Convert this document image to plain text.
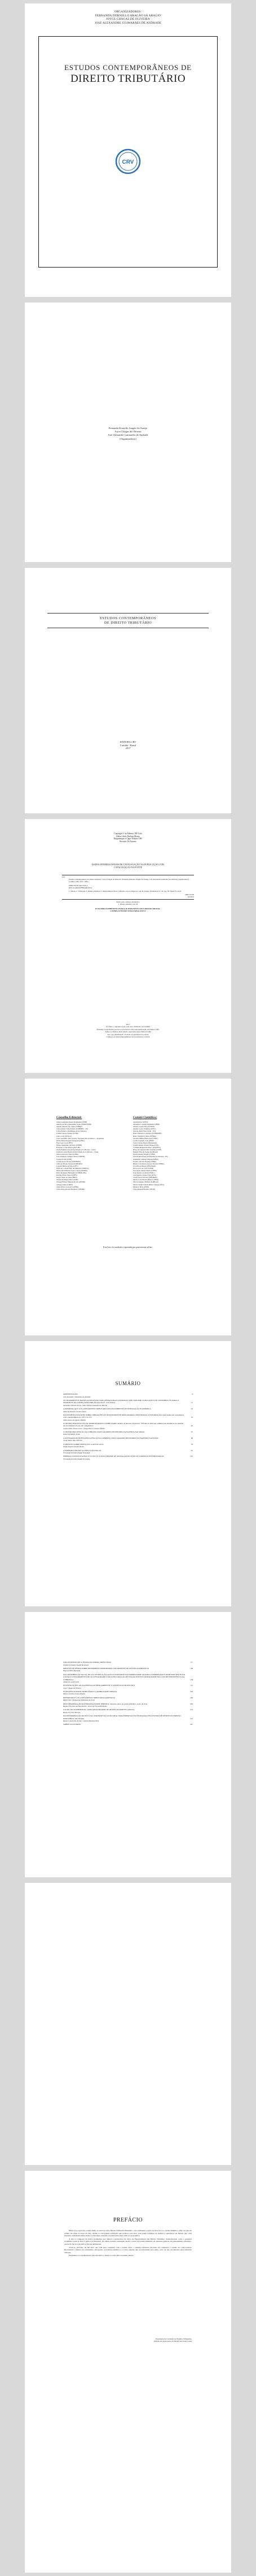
ORGANIZADORES:
FERNANDA DORNELLO ARAGÃO SÁ ARAÚJO
JOYCE CHAGAS DE OLIVEIRA
JOSÉ ALEXANDRE GUIMARÃES DE ANDRADE
ESTUDOS CONTEMPORÂNEOS DE
DIREITO TRIBUTÁRIO
CRV
Fernanda Dornello Aragão Sá Araújo
Joyce Chagas de Oliveira
José Alexandre Guimarães de Andrade
(Organizadores)
ESTUDOS CONTEMPORÂNEOS
DE DIREITO TRIBUTÁRIO
EDITORA CRV
Curitiba - Brasil
2017
Copyright © da Editora CRV Ltda
Editor-chefe: Railson Moura
Diagramação e Capa: Editora CRV
Revisão: Os Autores
DADOS INTERNACIONAIS DE CATALOGAÇÃO NA PUBLICAÇÃO (CIP)
CATALOGAÇÃO NA FONTE
E79
Estudos contemporâneos de direito tributário / Joyce Chagas de Oliveira, Fernanda Dornello Aragão Sá Araújo, José Alexandre Guimarães de Andrade (organizadores) – Curitiba: CRV, 2017. 188 p.
ISBN 978-85-444-1926-4
DOI 10.24824/978854441926.4
1. Direito 2. Tributação 3. Direito tributário 4. Jurisprudência fiscal I. Oliveira, Joyce Chagas de. org. II. Araújo, Fernanda D. A. Sá. org. III. Título IV. Série
CDD 341.39
34:336.2
Índice para catálogo sistemático
1. Direito tributário 341.39
ESTA OBRA TAMBÉM ENCONTRA-SE DISPONÍVEL EM FORMATO DIGITAL.
CONHEÇA E BAIXE NOSSO APLICATIVO!
2017
Foi feito o depósito legal conf. Lei 10.994 de 14/12/2004
Proibida a reprodução parcial ou total desta obra sem autorização da Editora CRV
Todos os direitos desta edição reservados pela: Editora CRV
Tel.: (41) 3039-6418 - E-mail: sac@editoracrv.com.br
Conheça os nossos lançamentos: www.editoracrv.com.br
Conselho Editorial:
Aldira Guimarães Duarte Domínguez (UNB)
Andréia da Silva Quintanilha Sousa (UNIR/UFRN)
Antônio Pereira Gaio Júnior (UFRRJ)
Carlos Alberto Vilar Estêvão (UMINHO – PT)
Carlos Federico Dominguez Avila (Unieuro)
Carmen Tereza Velanga (UNIR)
Celso Conti (UFSCar)
Cesar Gerônimo Tello (Univer. Nacional Três de Febrero – Argentina)
Elione Maria Nogueira Diogenes (UFAL)
Élsio José Corá (UFFS)
Elizeu Clementino de Souza (UNEB)
Francisco Carlos Duarte (PUC-PR)
Gloria Fariñas León (Universidade de La Havana – Cuba)
Guillermo Arias Beatón (Universidade de La Havana – Cuba)
Jailson Alves dos Santos (UFRJ)
João Adalberto Campato Junior (UNESP)
Josania Portela (UFPI)
Leonel Severo Rocha (UNISINOS)
Lídia de Oliveira Xavier (UNIEURO)
Lourdes Helena da Silva (UFV)
Maria de Lourdes Pinto de Almeida (UNOESC)
Maria Lília Imbiriba Sousa Colares (UFOPA)
Paulo Romualdo Hernandes (UNIFAL-MG)
Rodrigo Pratte-Santos (UFES)
Sérgio Nunes de Jesus (IFRO)
Simone Rodrigues Pinto (UNB)
Solange Helena Ximenes-Rocha (UFOPA)
Sydione Santos (UEPG)
Tadeu Oliver Gonçalves (UFPA)
Tania Suely Azevedo Brasileiro (UFOPA)
Comitê Científico:
Alceu Kerber (UFFS)
Alexandre Coutinho Pagliarini (UFPR)
Alfredo Copetti Neto (UNIJUÍ)
Antônio Carlos Wolkmer (UFSC)
Antonio Peña Freire (UGR – ES)
Bruno Meneses Lorenzetto (UNIBRASIL)
Bruno Wanderley Júnior (UFMG)
Caroline Müller Bitencourt (UNISC)
Cecilia Caballero Lois (UFRJ)
Clarice Seixas Duarte (Mackenzie)
Claudia Ribeiro Pereira Nunes (UVA)
Cristhian Magnus De Marco (UNOESC)
Diogo de Calasans Melo Andrade (UNIT)
Eduardo Biacchi Gomes (UniBrasil)
Eneida Desiree Salgado (UFPR)
Gabriel Real Ferrer (Universidad de Alicante – ES)
Guilherme Camargo Massaú (UFPel)
Gustavo Silveira Siqueira (UERJ)
Helena Colodetti Gonçalves Silveira (UFMG)
Ivan Dias da Motta (CESUMAR)
Ilton Garcia da Costa (UENP)
João Paulo Allain Teixeira (UFPE)
Jorge Renato dos Reis (UNISC)
José Querino Tavares Neto (UFG)
Leonel Severo Rocha (UNISINOS)
Marcia Carla Pereira Ribeiro (UFPR)
Marcos Augusto Maliska (UniBrasil)
Maria Cristina Vidotte Blanco Tárrega (UFG)
Maurício Mota (UERJ)
Tiago Resende Botelho (UFGD)
Este livro foi avaliado e aprovado por pareceristas ad hoc.
SUMÁRIO
APRESENTAÇÃO	9
José Alexandre Guimarães de Andrade
OS TRATAMENTOS DADOS AO REGISTRO NÃO-OPERACIONAIS APURADAS SOB O REGIME CUMULATIVO DE CONTRIBUIÇÃO PARA O PIS/PASEP E DA COFINS, APÓS EDIÇÃO DA LEI Nº 12.973/2014	11
Alexandre Sobreira de Sá / Aline Sobreira Salomão de Macedo
A IMPORTAÇÃO E O PLANEJAMENTO TRIBUTÁRIO EM UM AMBIENTE DE INTEGRAÇÃO ECONÔMICA	23
Alana de Oliveira Girotto Tolusa
DA INCIDÊNCIA DO ICMS SOBRE OPERAÇÕES DE TRANSPORTE DE MERCADORIAS DESTINADAS À EXPORTAÇÃO: uma análise em consonância com a jurisprudência do STF e do STJ	35
André Amaro de Aguiar Martins
O DEVIDO PROCESSO LEGAL ADMINISTRATIVO TRIBUTÁRIO: Análise do Recurso Especial nº 979.442 de 2019 que admitiu pela incidência da validade dos documentos fiscais até o julgamento	45
Carlos Omar Souza Cirino / Thiago Pierre Linhares Mattos
O DESVIO PROCESSUAL DA COBRANÇA DOS GRANDES DEVEDORES DA FAZENDA NACIONAL	57
Daniel de Sabóia Xavier
A ATIVIDADE DE INTELIGÊNCIA FISCAL NA COBRANÇA DOS GRANDES DEVEDORES DA FAZENDA NACIONAL	69
Carla Nalice Neiv Oliveira
O IMPOSTO SOBRE SERVIÇOS E A ADVOCACIA	79
Felipe Augusto Araújo Muniz
A PENHORA ONLINE NA EXECUÇÃO FISCAL	91
Fernanda Dornello Aragão Sá Araújo
EMENDA CONSTITUCIONAL Nº 87/2015 E O NOVO REGIME DE APURAÇÃO DO ICMS NO COMÉRCIO INTERESTADUAL	107
Fernanda Dornello Aragão Sá Araújo
UMA INTRODUÇÃO À TEORIA DA NORMA TRIBUTÁRIA	117
Guilherme Duarte Araújo Sá Araújo
IMPOSTO DE RENDA SOBRE RENDIMENTO PATRIMONIAL DECORRENTE DE PENSÃO ALIMENTÍCIA	129
Hugo de Brito Machado
DA CONTRIBUIÇÃO SOCIAL DE 10% EM RELAÇÃO AO FGTS POR PARTE DO EMPREGADOR QUANDO O EMPREGADO É DEMITIDO SEM JUSTA CAUSA E O EXAURIMENTO DE SUA FINALIDADE COM A DECLARAÇÃO DE SUA INCONSTITUCIONALIDADE EM CASO DE PERSISTÊNCIA NA COBRANÇA	139
Jânderson Leal Farias
INCENTIVOS FISCAIS NA DEFESA DO MEIO AMBIENTE E A RENÚNCIA DE RECEITA	151
Joyce Chagas de Oliveira
EXTRAFISCALIDADE TRIBUTÁRIA E A MOBILIDADE URBANA	165
Maria Carolina Chaves Hydral
REFERENDO E O PLANEJAMENTO TRIBUTÁRIO AGRESSIVO	183
Rafael Vitor Albuquerque Rodrigues de Lima
DESCONSIDERAÇÃO DA PERSONALIDADE JURÍDICA: atuações ativas do poder judiciário, ponto de vista	203
Regina Francisca do Nascimento / Luiz Ueir Fernandes Rubin
O ICMS SOCIOAMBIENTAL COMO REGISTRADOR DE DESENVOLVIMENTO SOCIAL	213
Renan Ferreira Oliveira
DA DETERMINAÇÃO DO IPI E CSLL POR BASE NO LUCRO REAL PARA EMPRESAS INCENTIVADAS PELO FUNDO DE DESENVOLVIMENTO INDUSTRIAL DO CEARÁ	231
Ramon Cavalcante Araújo / Gustavo Benitez Diniz
SOBRE OS AUTORES	247
PREFÁCIO

Muito já se escreveu e ainda muito se escreve sobre Direito Tributário Brasileiro, que continuará a gerar escritos face ao caráter dinâmico, uma vez que ele reflete em todas as áreas da vida. Assim, é com grande satisfação que prefacio esta obra, pois reúne trabalhos de juristas e operadores do Direito que, com maestria, enfrentam temas atuais e relevantes, trazendo ao leitor uma visão crítica e propositiva.

A obra é composta de textos produzidos por alunos e professores do curso de Especialização em Direito Tributário, demonstrando como a pesquisa acadêmica pode se aliar à prática profissional. Os temas tratados abrangem desde a teoria da norma tributária até questões práticas de planejamento tributário, execução fiscal e incentivos fiscais ambientais.

Trata-se, portanto, de um livro que vem para contribuir com o debate sobre o sistema tributário nacional, tão complexo e repleto de controvérsias. Recomendo a leitura aos estudantes, advogados, servidores públicos e a todos aqueles que se interessam pelo tema, certo de que encontrarão aqui reflexões valiosas.

Parabenizo os organizadores pela iniciativa e desejo a todos uma excelente leitura.

Presidente da Comissão de Estudos Tributários
Ordem dos Advogados do Brasil Seccional Ceará
